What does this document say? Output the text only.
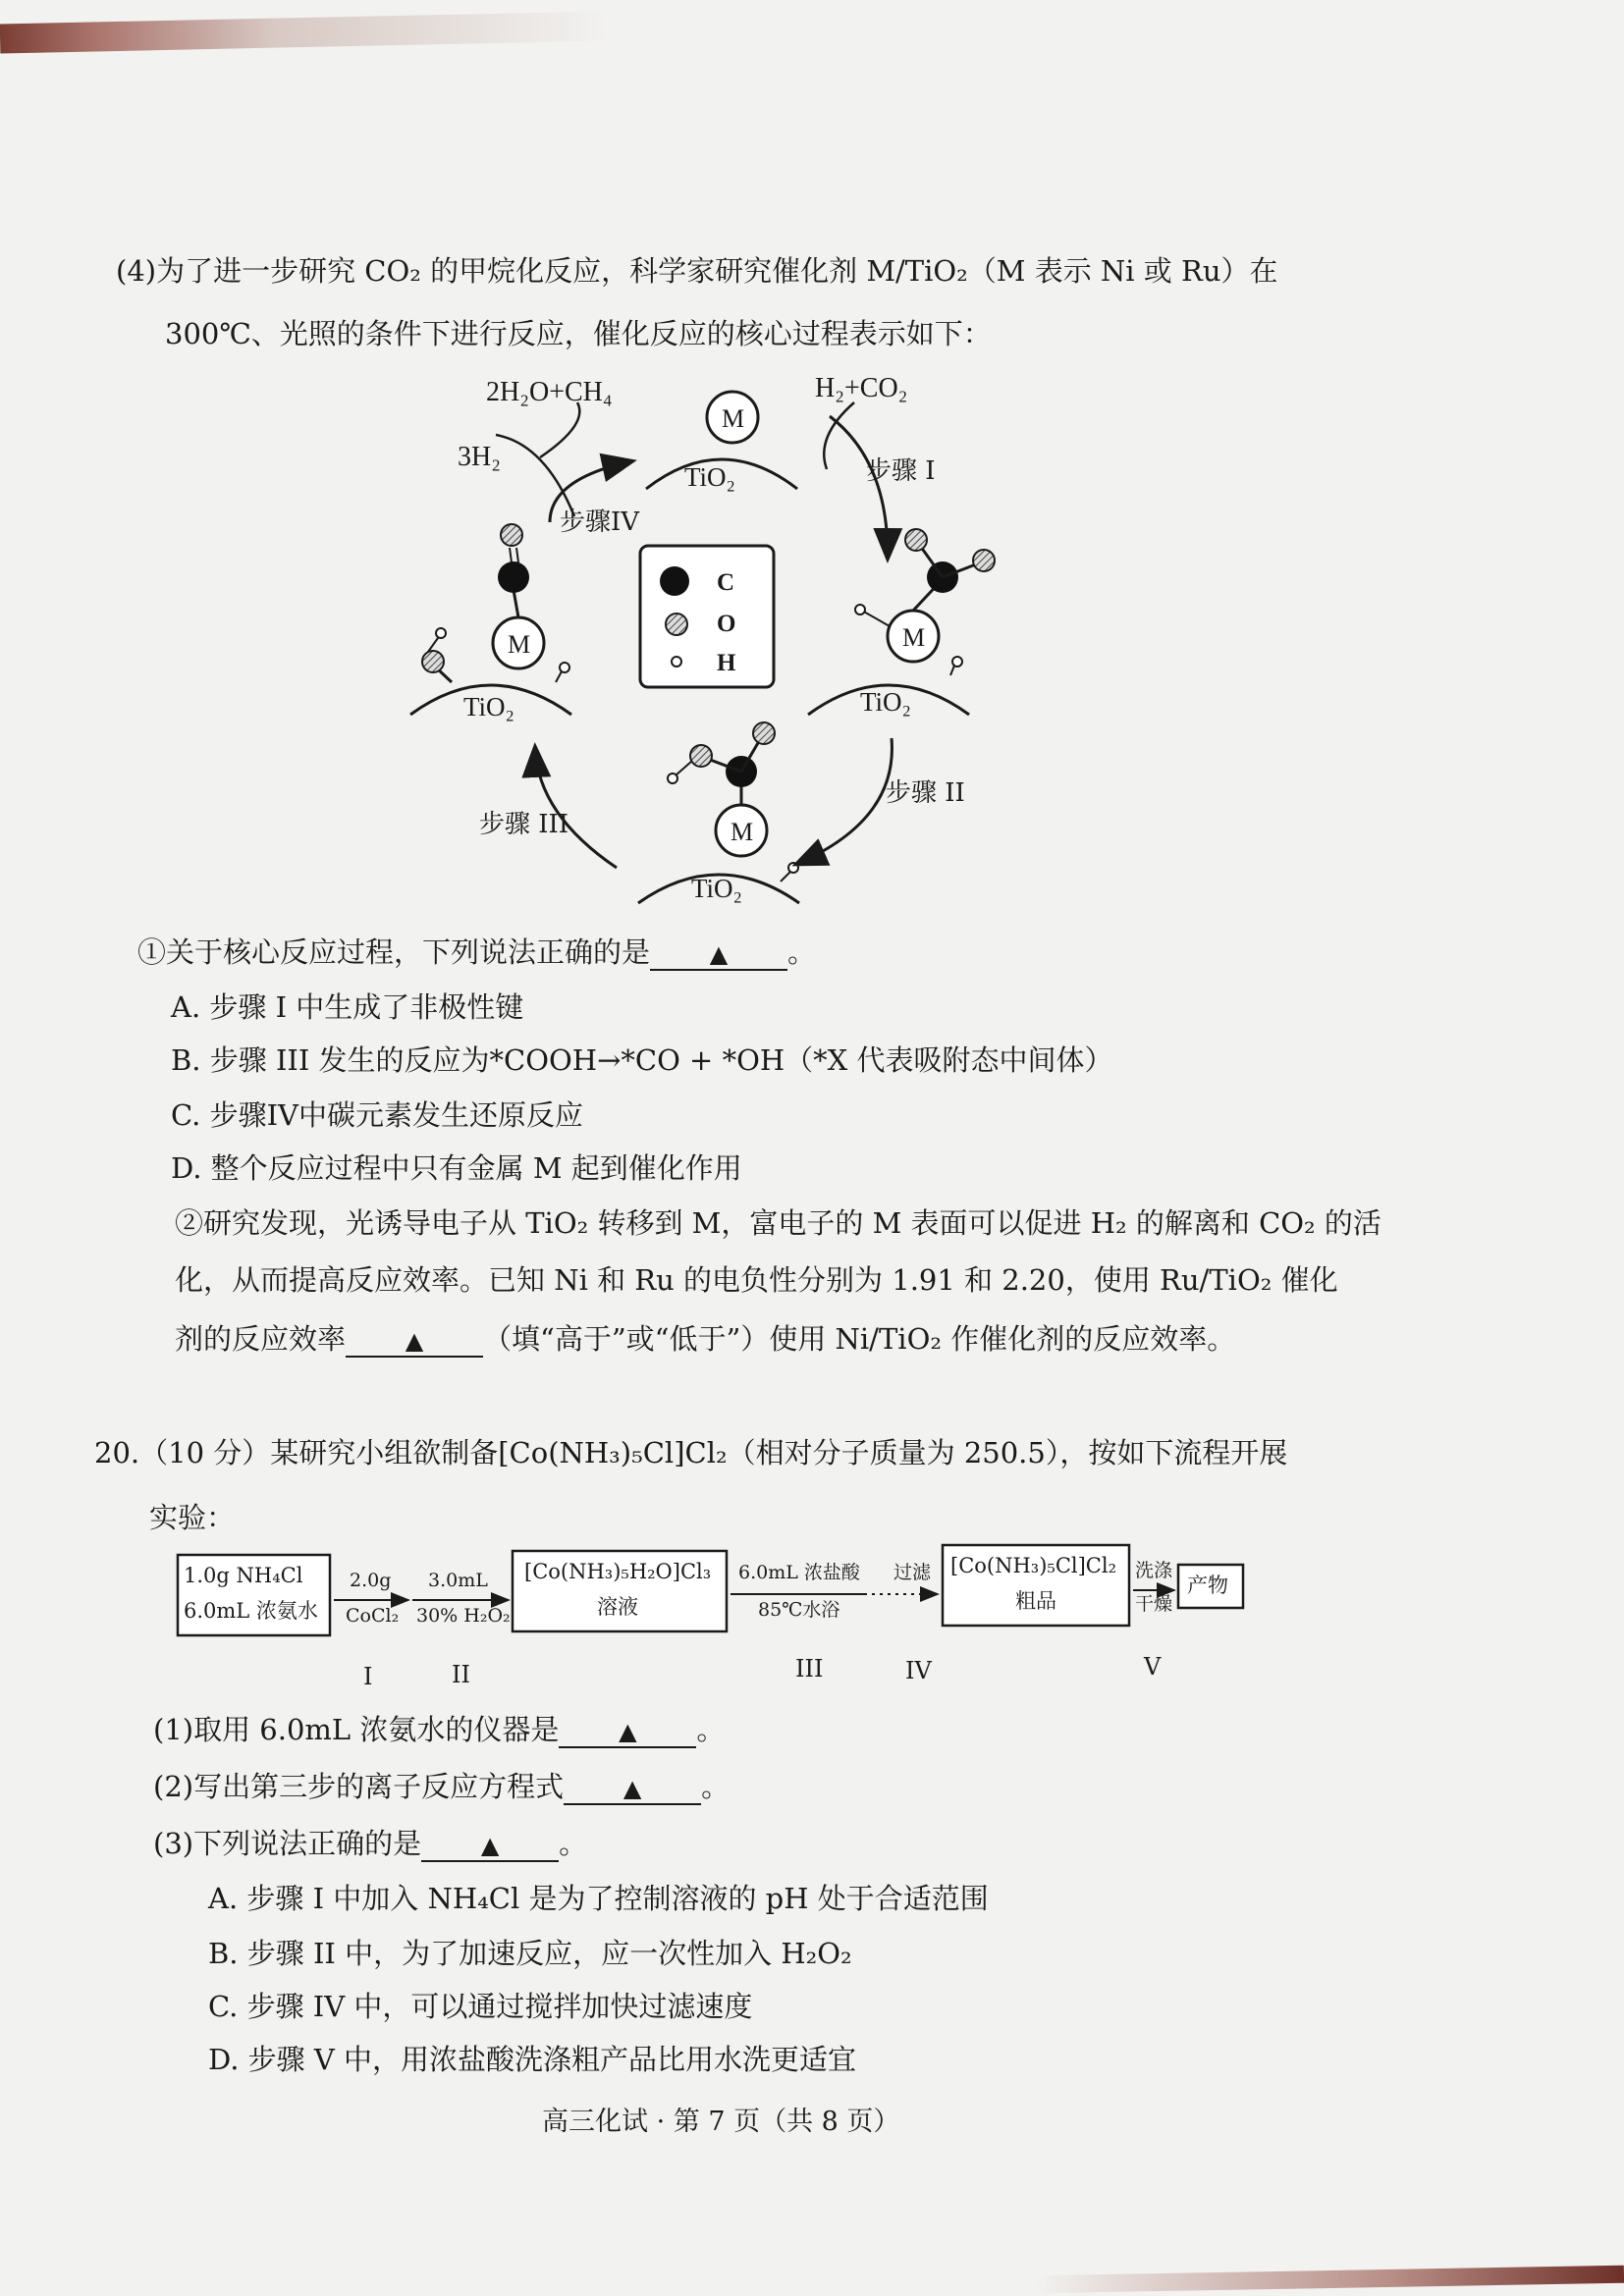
(4)为了进一步研究 CO₂ 的甲烷化反应，科学家研究催化剂 M/TiO₂（M 表示 Ni 或 Ru）在
300℃、光照的条件下进行反应，催化反应的核心过程表示如下：
2H₂O+CH₄
3H₂
H₂+CO₂
步骤 I
步骤IV
步骤 II
步骤 III
M
M
M
M
TiO₂
TiO₂
TiO₂
TiO₂
C
O
H
①关于核心反应过程，下列说法正确的是	▲ 。
A. 步骤 I 中生成了非极性键
B. 步骤 III 发生的反应为*COOH→*CO + *OH（*X 代表吸附态中间体）
C. 步骤IV中碳元素发生还原反应
D. 整个反应过程中只有金属 M 起到催化作用
②研究发现，光诱导电子从 TiO₂ 转移到 M，富电子的 M 表面可以促进 H₂ 的解离和 CO₂ 的活
化，从而提高反应效率。已知 Ni 和 Ru 的电负性分别为 1.91 和 2.20，使用 Ru/TiO₂ 催化
剂的反应效率	▲ （填“高于”或“低于”）使用 Ni/TiO₂ 作催化剂的反应效率。
20.（10 分）某研究小组欲制备[Co(NH₃)₅Cl]Cl₂（相对分子质量为 250.5），按如下流程开展
实验：
1.0g NH₄Cl
6.0mL 浓氨水
2.0g
CoCl₂
3.0mL
30% H₂O₂
[Co(NH₃)₅H₂O]Cl₃
溶液
6.0mL 浓盐酸
85℃水浴
过滤 [Co(NH₃)₅Cl]Cl₂
粗品
洗涤
干燥
产物
I	II	III	IV	V
(1)取用 6.0mL 浓氨水的仪器是	▲ 。
(2)写出第三步的离子反应方程式	▲ 。
(3)下列说法正确的是	▲ 。
A. 步骤 I 中加入 NH₄Cl 是为了控制溶液的 pH 处于合适范围
B. 步骤 II 中，为了加速反应，应一次性加入 H₂O₂
C. 步骤 IV 中，可以通过搅拌加快过滤速度
D. 步骤 V 中，用浓盐酸洗涤粗产品比用水洗更适宜
高三化试 · 第 7 页（共 8 页）
